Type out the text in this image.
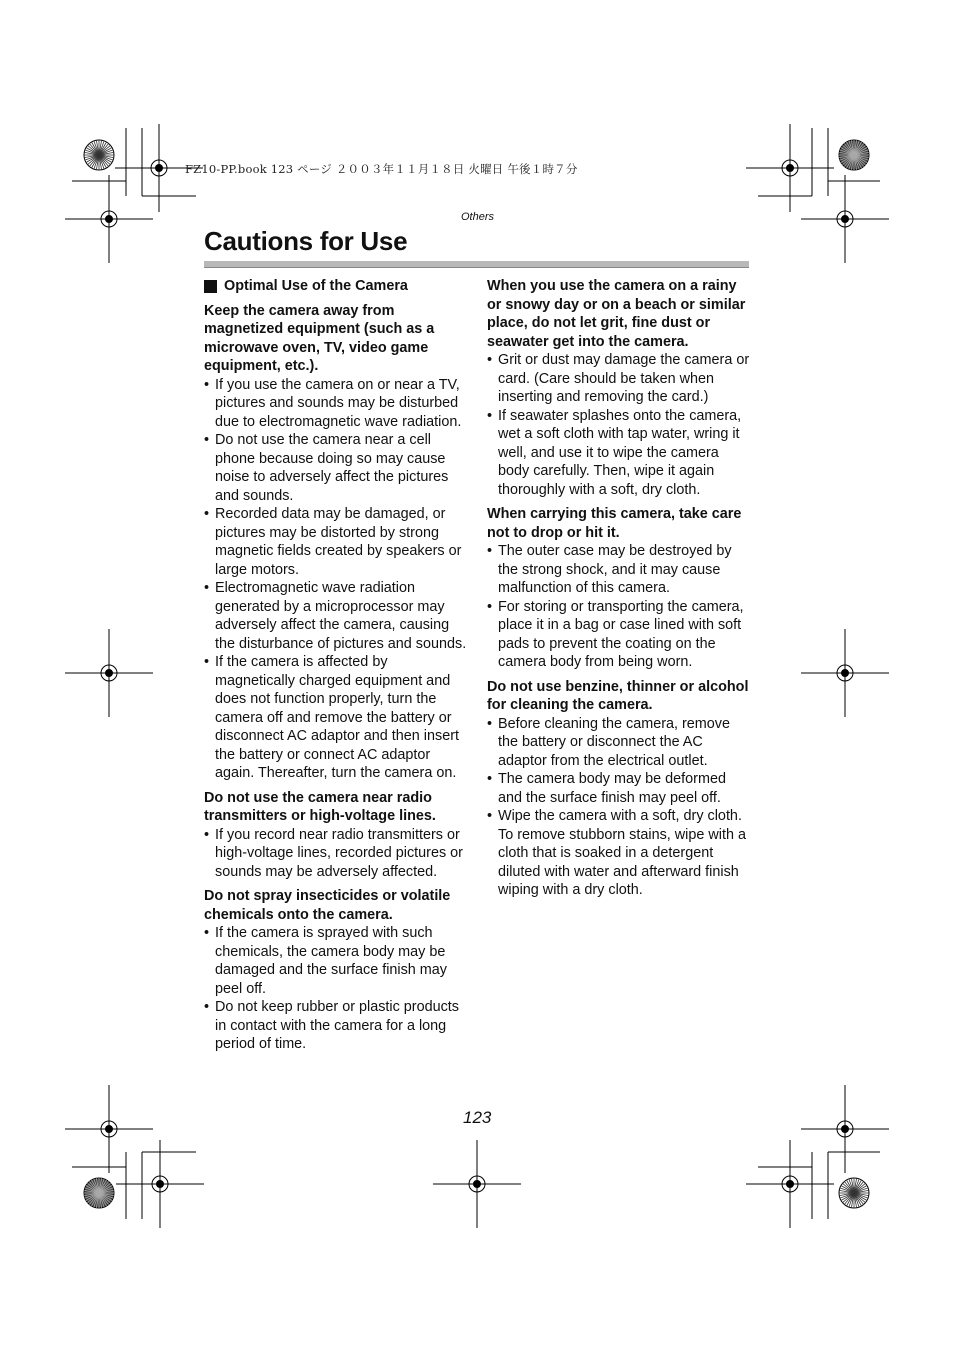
FZ10-PP.book 123 ページ ２００３年１１月１８日 火曜日 午後１時７分
Others
Cautions for Use
Optimal Use of the Camera

Keep the camera away from magnetized equipment (such as a microwave oven, TV, video game equipment, etc.).

• If you use the camera on or near a TV, pictures and sounds may be disturbed due to electromagnetic wave radiation.
• Do not use the camera near a cell phone because doing so may cause noise to adversely affect the pictures and sounds.
• Recorded data may be damaged, or pictures may be distorted by strong magnetic fields created by speakers or large motors.
• Electromagnetic wave radiation generated by a microprocessor may adversely affect the camera, causing the disturbance of pictures and sounds.
• If the camera is affected by magnetically charged equipment and does not function properly, turn the camera off and remove the battery or disconnect AC adaptor and then insert the battery or connect AC adaptor again. Thereafter, turn the camera on.

Do not use the camera near radio transmitters or high-voltage lines.

• If you record near radio transmitters or high-voltage lines, recorded pictures or sounds may be adversely affected.

Do not spray insecticides or volatile chemicals onto the camera.

• If the camera is sprayed with such chemicals, the camera body may be damaged and the surface finish may peel off.
• Do not keep rubber or plastic products in contact with the camera for a long period of time.

When you use the camera on a rainy or snowy day or on a beach or similar place, do not let grit, fine dust or seawater get into the camera.

• Grit or dust may damage the camera or card. (Care should be taken when inserting and removing the card.)
• If seawater splashes onto the camera, wet a soft cloth with tap water, wring it well, and use it to wipe the camera body carefully. Then, wipe it again thoroughly with a soft, dry cloth.

When carrying this camera, take care not to drop or hit it.

• The outer case may be destroyed by the strong shock, and it may cause malfunction of this camera.
• For storing or transporting the camera, place it in a bag or case lined with soft pads to prevent the coating on the camera body from being worn.

Do not use benzine, thinner or alcohol for cleaning the camera.

• Before cleaning the camera, remove the battery or disconnect the AC adaptor from the electrical outlet.
• The camera body may be deformed and the surface finish may peel off.
• Wipe the camera with a soft, dry cloth. To remove stubborn stains, wipe with a cloth that is soaked in a detergent diluted with water and afterward finish wiping with a dry cloth.
123
